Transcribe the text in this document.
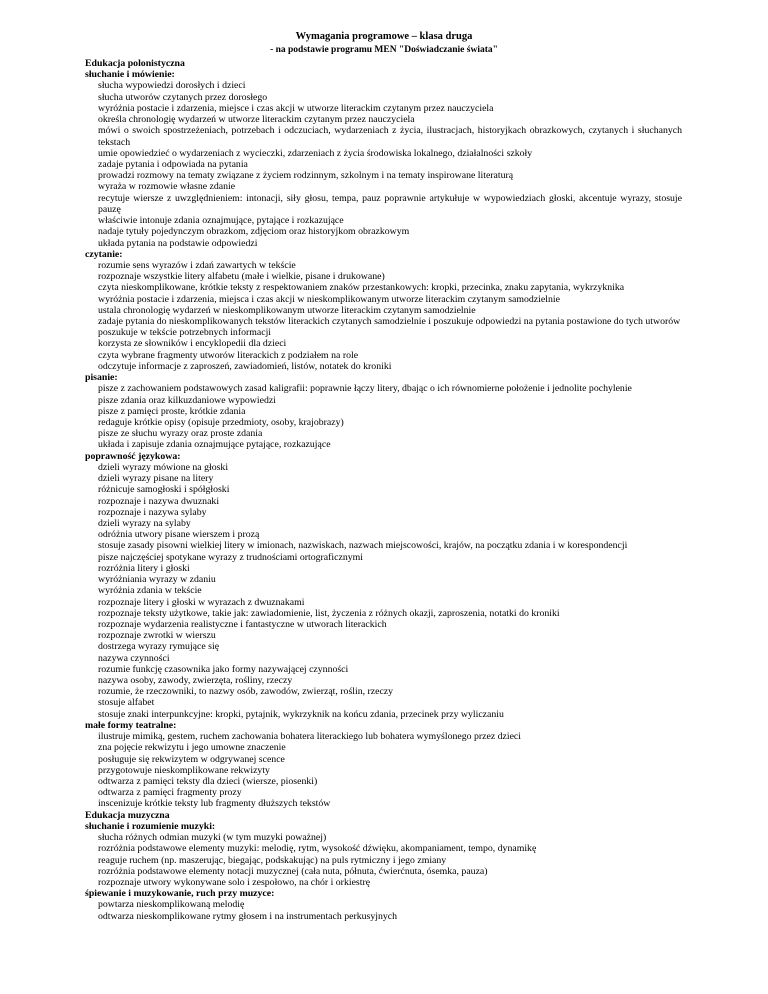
Wymagania programowe – klasa druga
- na podstawie programu MEN "Doświadczanie świata"
Edukacja polonistyczna
słuchanie i mówienie:
słucha wypowiedzi dorosłych i dzieci
słucha utworów czytanych przez dorosłego
wyróżnia postacie i zdarzenia, miejsce i czas akcji w utworze literackim czytanym przez nauczyciela
określa chronologię wydarzeń w utworze literackim czytanym przez nauczyciela
mówi o swoich spostrzeżeniach, potrzebach i odczuciach, wydarzeniach z życia, ilustracjach, historyjkach obrazkowych, czytanych i słuchanych tekstach
umie opowiedzieć o wydarzeniach z wycieczki, zdarzeniach z życia środowiska lokalnego, działalności szkoły
zadaje pytania i odpowiada na pytania
prowadzi rozmowy na tematy związane z życiem rodzinnym, szkolnym i na tematy inspirowane literaturą
wyraża w rozmowie własne zdanie
recytuje wiersze z uwzględnieniem: intonacji, siły głosu, tempa, pauz poprawnie artykułuje w wypowiedziach głoski, akcentuje wyrazy, stosuje pauzę
właściwie intonuje zdania oznajmujące, pytające i rozkazujące
nadaje tytuły pojedynczym obrazkom, zdjęciom oraz historyjkom obrazkowym
układa pytania na podstawie odpowiedzi
czytanie:
rozumie sens wyrazów i zdań zawartych w tekście
rozpoznaje wszystkie litery alfabetu (małe i wielkie, pisane i drukowane)
czyta nieskomplikowane, krótkie teksty z respektowaniem znaków przestankowych: kropki, przecinka, znaku zapytania, wykrzyknika
wyróżnia postacie i zdarzenia, miejsca i czas akcji w nieskomplikowanym utworze literackim czytanym samodzielnie
ustala chronologię wydarzeń w nieskomplikowanym utworze literackim czytanym samodzielnie
zadaje pytania do nieskomplikowanych tekstów literackich czytanych samodzielnie i poszukuje odpowiedzi na pytania postawione do tych utworów
poszukuje w tekście potrzebnych informacji
korzysta ze słowników i encyklopedii dla dzieci
czyta wybrane fragmenty utworów literackich z podziałem na role
odczytuje informacje z zaproszeń, zawiadomień, listów, notatek do kroniki
pisanie:
pisze z zachowaniem podstawowych zasad kaligrafii: poprawnie łączy litery, dbając o ich równomierne położenie i jednolite pochylenie
pisze zdania oraz kilkuzdaniowe wypowiedzi
pisze z pamięci proste, krótkie zdania
redaguje krótkie opisy (opisuje przedmioty, osoby, krajobrazy)
pisze ze słuchu wyrazy oraz proste zdania
układa i zapisuje zdania oznajmujące pytające, rozkazujące
poprawność językowa:
dzieli wyrazy mówione na głoski
dzieli wyrazy pisane na litery
różnicuje samogłoski i spółgłoski
rozpoznaje i nazywa dwuznaki
rozpoznaje i nazywa sylaby
dzieli wyrazy na sylaby
odróżnia utwory pisane wierszem i prozą
stosuje zasady pisowni wielkiej litery w imionach, nazwiskach, nazwach miejscowości, krajów, na początku zdania i w korespondencji
pisze najczęściej spotykane wyrazy z trudnościami ortograficznymi
rozróżnia litery i głoski
wyróżniania wyrazy w zdaniu
wyróżnia zdania w tekście
rozpoznaje litery i głoski w wyrazach z dwuznakami
rozpoznaje teksty użytkowe, takie jak: zawiadomienie, list, życzenia z różnych okazji, zaproszenia, notatki do kroniki
rozpoznaje wydarzenia realistyczne i fantastyczne w utworach literackich
rozpoznaje zwrotki w wierszu
dostrzega wyrazy rymujące się
nazywa czynności
rozumie funkcję czasownika jako formy nazywającej czynności
nazywa osoby, zawody, zwierzęta, rośliny, rzeczy
rozumie, że rzeczowniki, to nazwy osób, zawodów, zwierząt, roślin, rzeczy
stosuje alfabet
stosuje znaki interpunkcyjne: kropki, pytajnik, wykrzyknik na końcu zdania, przecinek przy wyliczaniu
małe formy teatralne:
ilustruje mimiką, gestem, ruchem zachowania bohatera literackiego lub bohatera wymyślonego przez dzieci
zna pojęcie rekwizytu i jego umowne znaczenie
posługuje się rekwizytem w odgrywanej scence
przygotowuje nieskomplikowane rekwizyty
odtwarza z pamięci teksty dla dzieci (wiersze, piosenki)
odtwarza z pamięci fragmenty prozy
inscenizuje krótkie teksty lub fragmenty dłuższych tekstów
Edukacja muzyczna
słuchanie i rozumienie muzyki:
słucha różnych odmian muzyki (w tym muzyki poważnej)
rozróżnia podstawowe elementy muzyki: melodię, rytm, wysokość dźwięku, akompaniament, tempo, dynamikę
reaguje ruchem (np. maszerując, biegając, podskakując) na puls rytmiczny i jego zmiany
rozróżnia podstawowe elementy notacji muzycznej (cała nuta, półnuta, ćwierćnuta, ósemka, pauza)
rozpoznaje utwory wykonywane solo i zespołowo, na chór i orkiestrę
śpiewanie i muzykowanie, ruch przy muzyce:
powtarza nieskomplikowaną melodię
odtwarza nieskomplikowane rytmy głosem i na instrumentach perkusyjnych
